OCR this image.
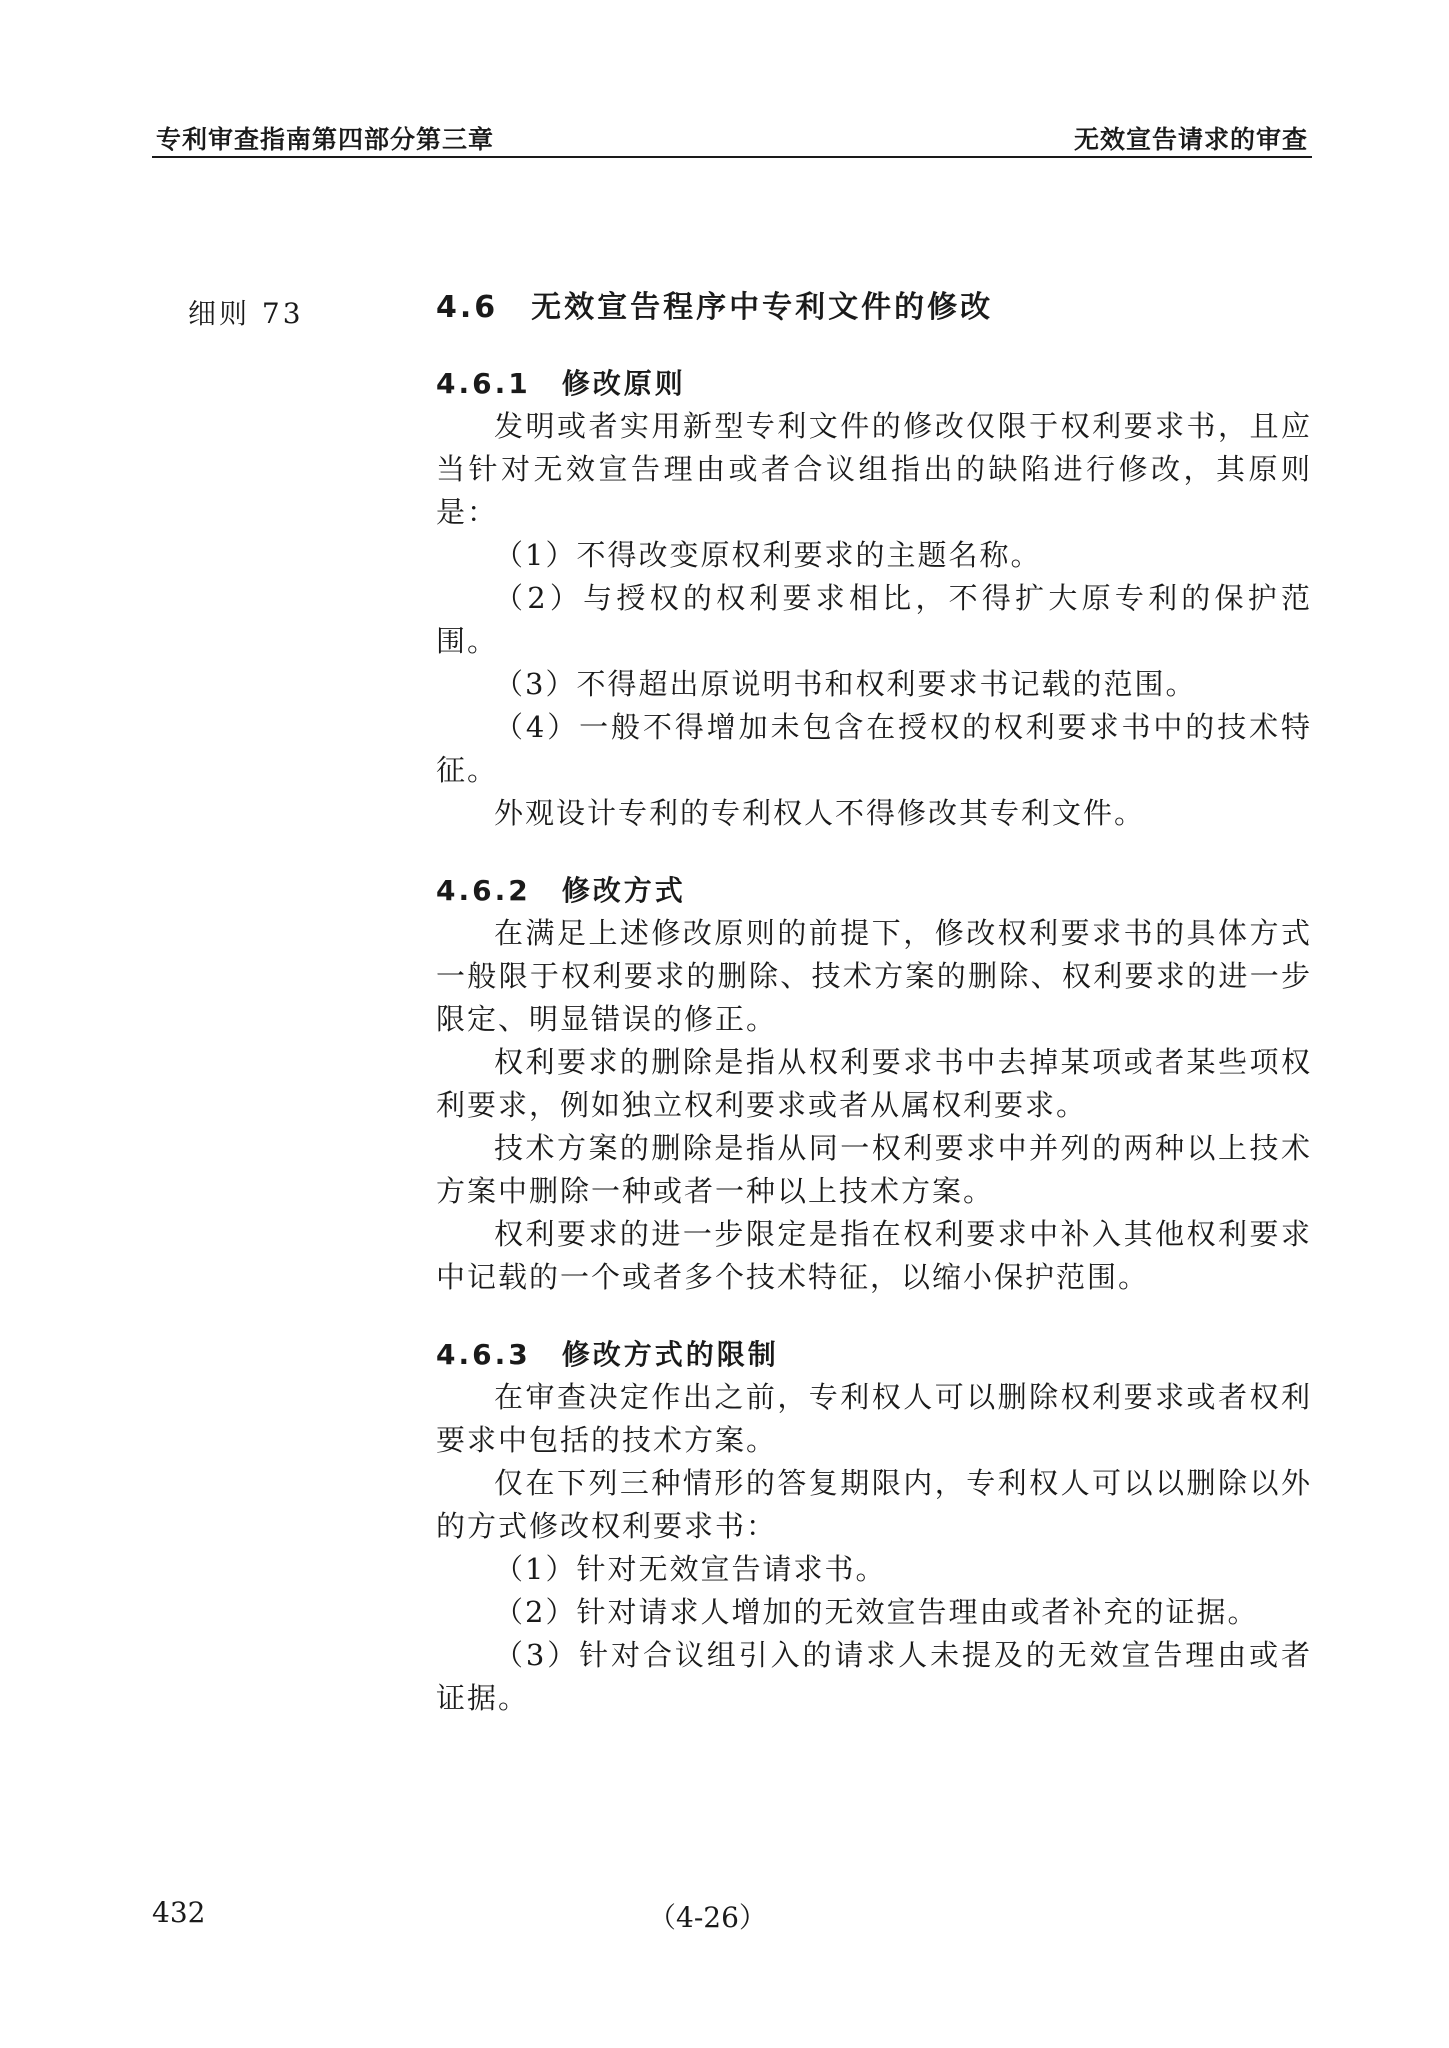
专利审查指南第四部分第三章	无效宣告请求的审查
细则 73	4.6　无效宣告程序中专利文件的修改
4.6.1　修改原则

发明或者实用新型专利文件的修改仅限于权利要求书，且应当针对无效宣告理由或者合议组指出的缺陷进行修改，其原则是：

（1）不得改变原权利要求的主题名称。

（2）与授权的权利要求相比，不得扩大原专利的保护范围。

（3）不得超出原说明书和权利要求书记载的范围。

（4）一般不得增加未包含在授权的权利要求书中的技术特征。

外观设计专利的专利权人不得修改其专利文件。

4.6.2　修改方式

在满足上述修改原则的前提下，修改权利要求书的具体方式一般限于权利要求的删除、技术方案的删除、权利要求的进一步限定、明显错误的修正。

权利要求的删除是指从权利要求书中去掉某项或者某些项权利要求，例如独立权利要求或者从属权利要求。

技术方案的删除是指从同一权利要求中并列的两种以上技术方案中删除一种或者一种以上技术方案。

权利要求的进一步限定是指在权利要求中补入其他权利要求中记载的一个或者多个技术特征，以缩小保护范围。

4.6.3　修改方式的限制

在审查决定作出之前，专利权人可以删除权利要求或者权利要求中包括的技术方案。

仅在下列三种情形的答复期限内，专利权人可以以删除以外的方式修改权利要求书：

（1）针对无效宣告请求书。

（2）针对请求人增加的无效宣告理由或者补充的证据。

（3）针对合议组引入的请求人未提及的无效宣告理由或者证据。

432	（4-26）
